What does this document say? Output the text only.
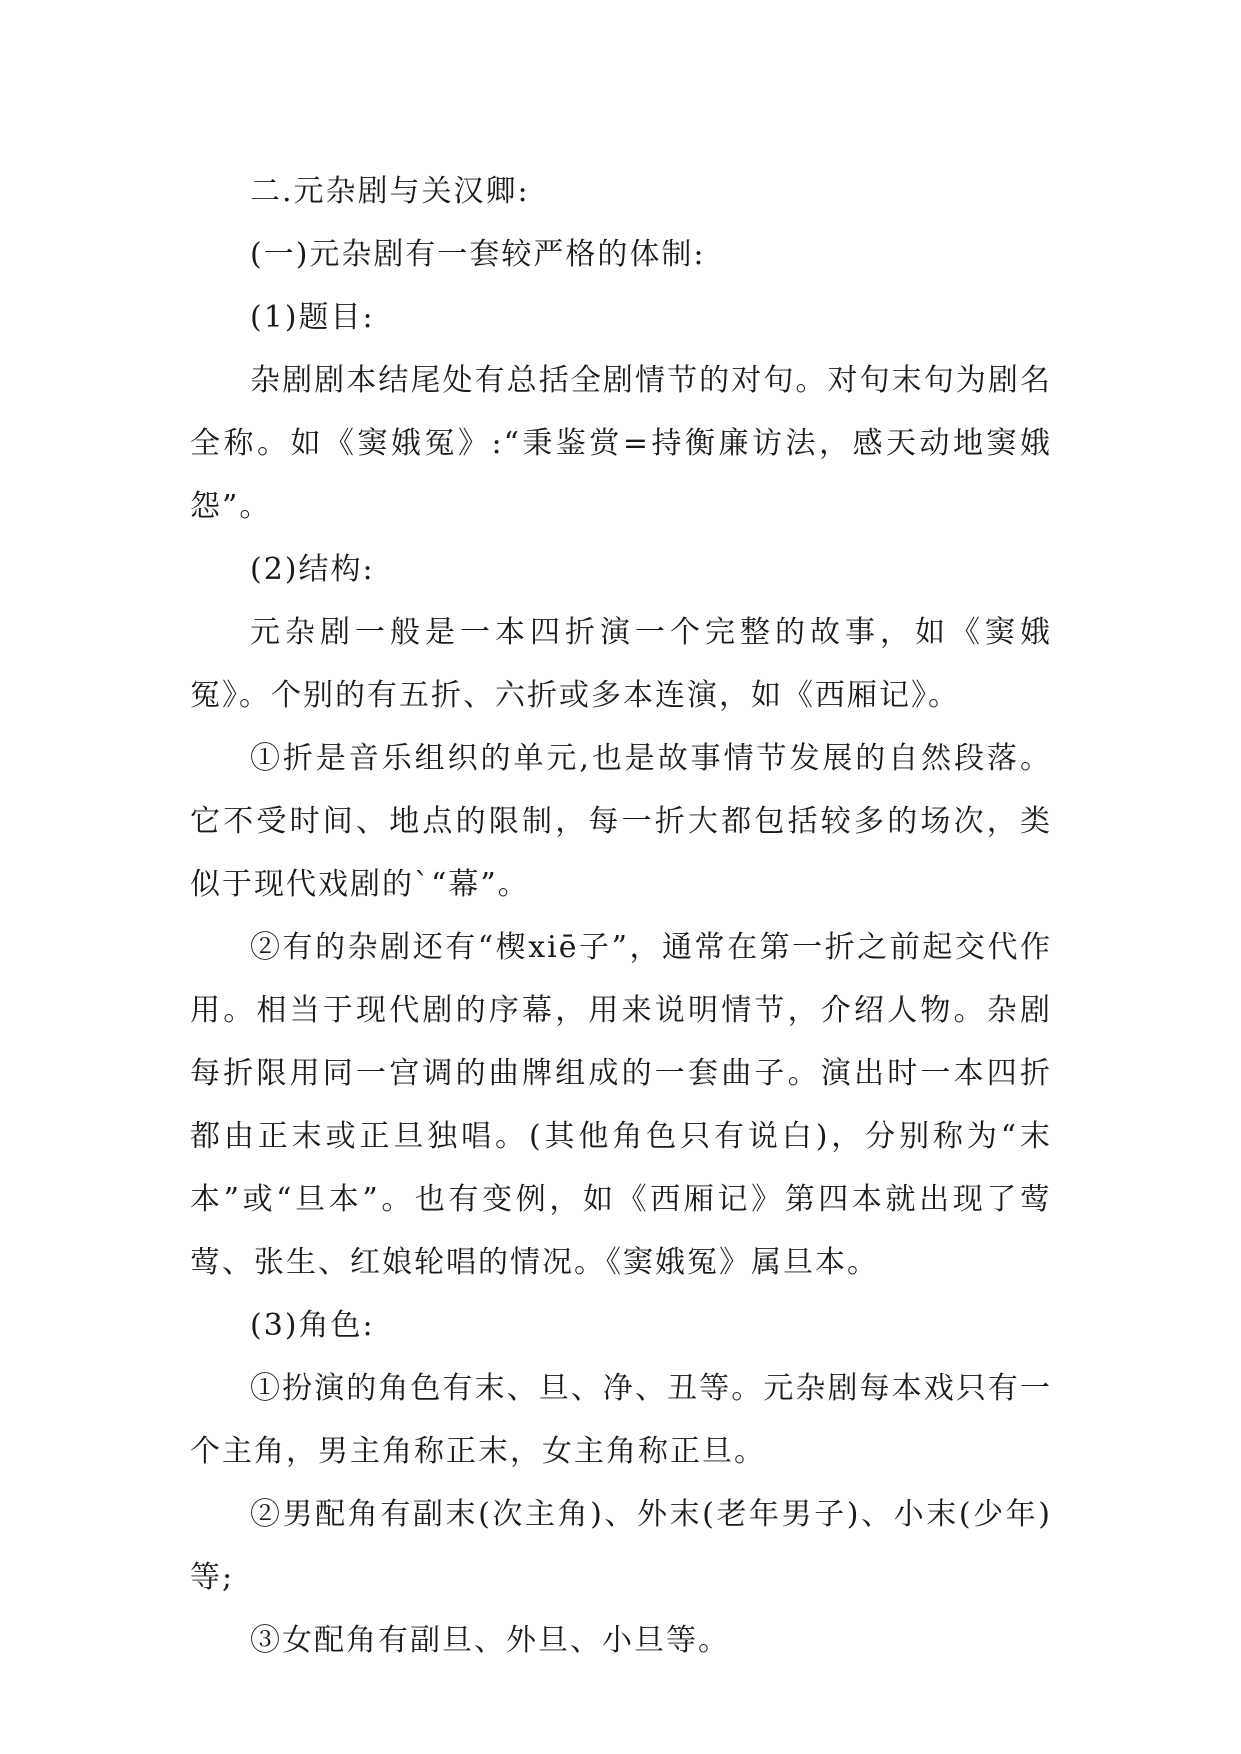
二.元杂剧与关汉卿:

(一)元杂剧有一套较严格的体制:

(1)题目:

杂剧剧本结尾处有总括全剧情节的对句。对句末句为剧名全称。如《窦娥冤》:“秉鉴赏=持衡廉访法，感天动地窦娥怨”。

(2)结构:

元杂剧一般是一本四折演一个完整的故事，如《窦娥冤》。个别的有五折、六折或多本连演，如《西厢记》。

①折是音乐组织的单元,也是故事情节发展的自然段落。它不受时间、地点的限制，每一折大都包括较多的场次，类似于现代戏剧的`“幕”。

②有的杂剧还有“楔xiē子”，通常在第一折之前起交代作用。相当于现代剧的序幕，用来说明情节，介绍人物。杂剧每折限用同一宫调的曲牌组成的一套曲子。演出时一本四折都由正末或正旦独唱。(其他角色只有说白)，分别称为“末本”或“旦本”。也有变例，如《西厢记》第四本就出现了莺莺、张生、红娘轮唱的情况。《窦娥冤》属旦本。

(3)角色:

①扮演的角色有末、旦、净、丑等。元杂剧每本戏只有一个主角，男主角称正末，女主角称正旦。

②男配角有副末(次主角)、外末(老年男子)、小末(少年)等;

③女配角有副旦、外旦、小旦等。
